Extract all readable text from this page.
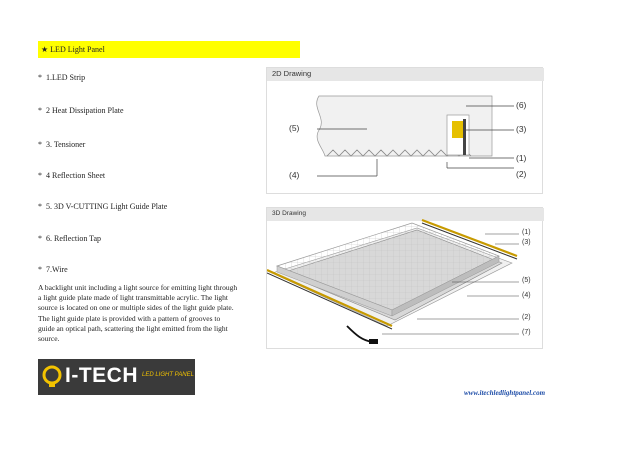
★ LED Light Panel
* 1.LED Strip
* 2 Heat Dissipation Plate
* 3. Tensioner
* 4 Reflection Sheet
* 5. 3D V-CUTTING Light Guide Plate
* 6. Reflection Tap
* 7.Wire
A backlight unit including a light source for emitting light through a light guide plate made of light transmittable acrylic. The light source is located on one or multiple sides of the light guide plate. The light guide plate is provided with a pattern of grooves to guide an optical path, scattering the light emitted from the light source.
I-TECH LED LIGHT PANEL
www.itechledlightpanel.com
2D Drawing
(5)
(4)
(6)
(3)
(1)
(2)
3D Drawing
(1)
(3)
(5)
(4)
(2)
(7)
